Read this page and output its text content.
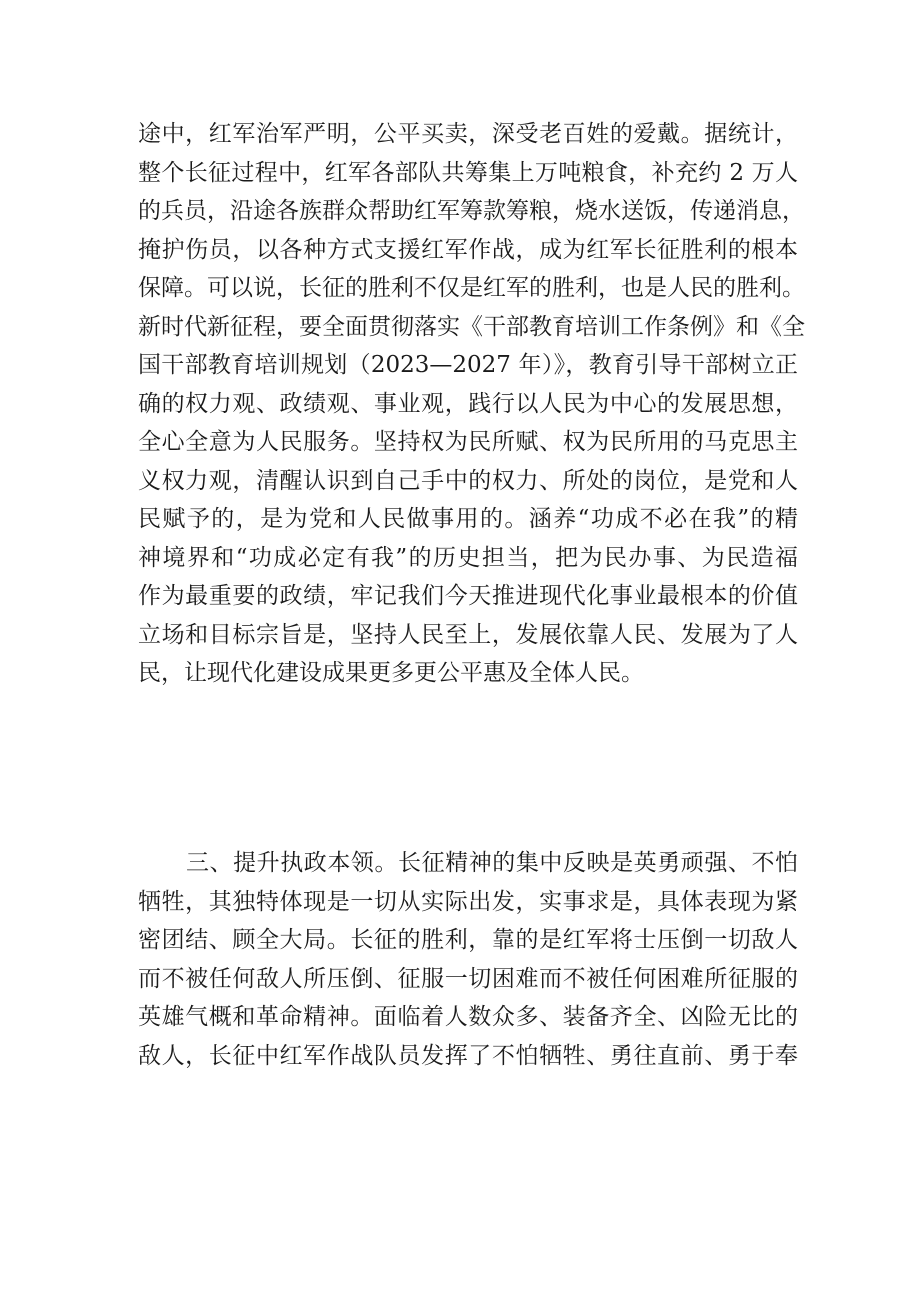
途中，红军治军严明，公平买卖，深受老百姓的爱戴。据统计，
整个长征过程中，红军各部队共筹集上万吨粮食，补充约 2 万人
的兵员，沿途各族群众帮助红军筹款筹粮，烧水送饭，传递消息，
掩护伤员，以各种方式支援红军作战，成为红军长征胜利的根本
保障。可以说，长征的胜利不仅是红军的胜利，也是人民的胜利。
新时代新征程，要全面贯彻落实《干部教育培训工作条例》和《全
国干部教育培训规划（2023—2027 年）》，教育引导干部树立正
确的权力观、政绩观、事业观，践行以人民为中心的发展思想，
全心全意为人民服务。坚持权为民所赋、权为民所用的马克思主
义权力观，清醒认识到自己手中的权力、所处的岗位，是党和人
民赋予的，是为党和人民做事用的。涵养“功成不必在我”的精
神境界和“功成必定有我”的历史担当，把为民办事、为民造福
作为最重要的政绩，牢记我们今天推进现代化事业最根本的价值
立场和目标宗旨是，坚持人民至上，发展依靠人民、发展为了人
民，让现代化建设成果更多更公平惠及全体人民。
三、提升执政本领。长征精神的集中反映是英勇顽强、不怕
牺牲，其独特体现是一切从实际出发，实事求是，具体表现为紧
密团结、顾全大局。长征的胜利，靠的是红军将士压倒一切敌人
而不被任何敌人所压倒、征服一切困难而不被任何困难所征服的
英雄气概和革命精神。面临着人数众多、装备齐全、凶险无比的
敌人，长征中红军作战队员发挥了不怕牺牲、勇往直前、勇于奉
